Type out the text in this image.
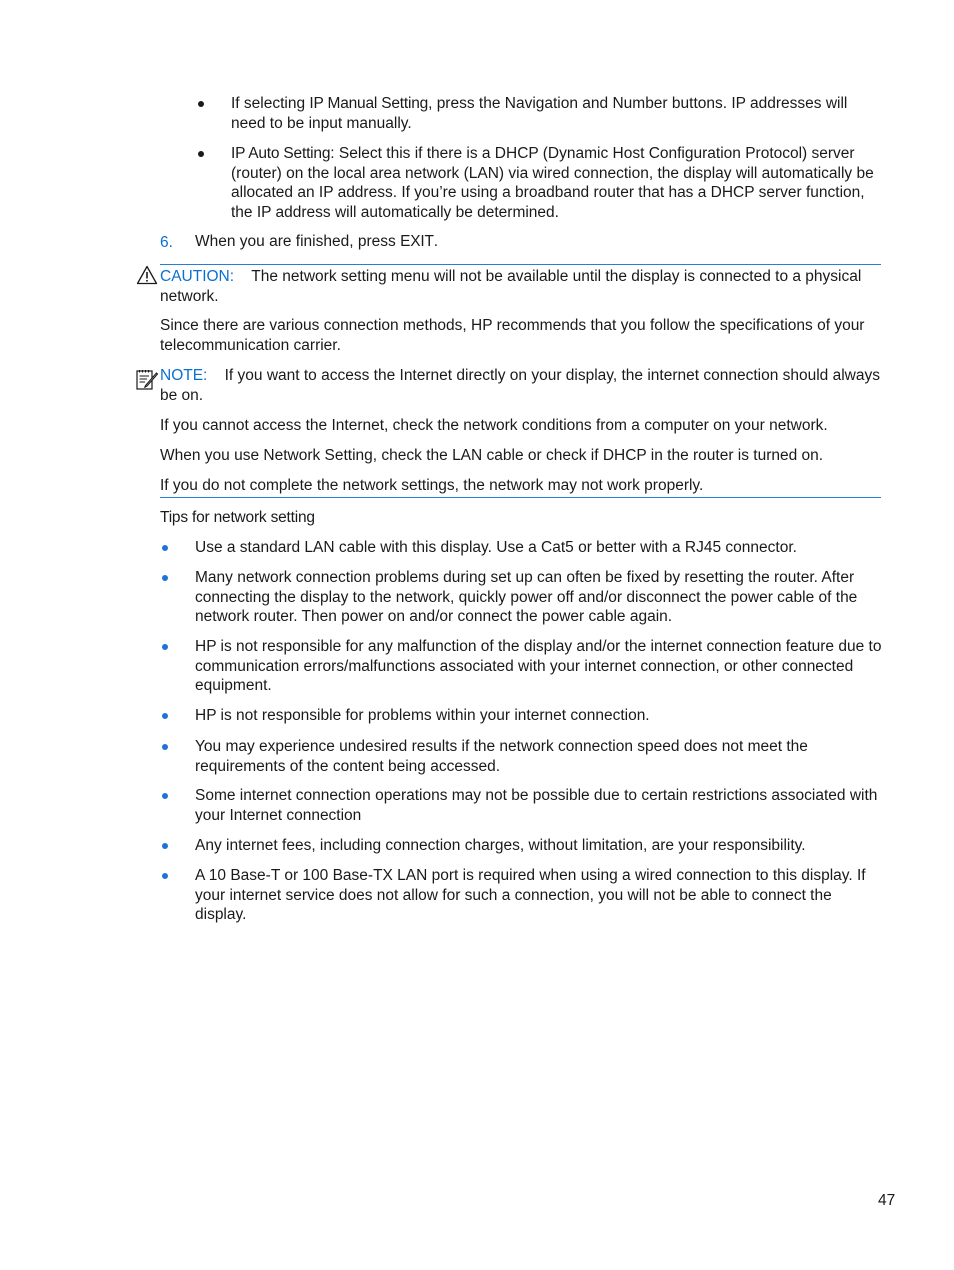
If selecting IP Manual Setting, press the Navigation and Number buttons. IP addresses will need to be input manually.
IP Auto Setting: Select this if there is a DHCP (Dynamic Host Configuration Protocol) server (router) on the local area network (LAN) via wired connection, the display will automatically be allocated an IP address. If you’re using a broadband router that has a DHCP server function, the IP address will automatically be determined.
6. When you are finished, press EXIT.
CAUTION: The network setting menu will not be available until the display is connected to a physical network.
Since there are various connection methods, HP recommends that you follow the specifications of your telecommunication carrier.
NOTE: If you want to access the Internet directly on your display, the internet connection should always be on.
If you cannot access the Internet, check the network conditions from a computer on your network.
When you use Network Setting, check the LAN cable or check if DHCP in the router is turned on.
If you do not complete the network settings, the network may not work properly.
Tips for network setting
Use a standard LAN cable with this display. Use a Cat5 or better with a RJ45 connector.
Many network connection problems during set up can often be fixed by resetting the router. After connecting the display to the network, quickly power off and/or disconnect the power cable of the network router. Then power on and/or connect the power cable again.
HP is not responsible for any malfunction of the display and/or the internet connection feature due to communication errors/malfunctions associated with your internet connection, or other connected equipment.
HP is not responsible for problems within your internet connection.
You may experience undesired results if the network connection speed does not meet the requirements of the content being accessed.
Some internet connection operations may not be possible due to certain restrictions associated with your Internet connection
Any internet fees, including connection charges, without limitation, are your responsibility.
A 10 Base-T or 100 Base-TX LAN port is required when using a wired connection to this display. If your internet service does not allow for such a connection, you will not be able to connect the display.
47
